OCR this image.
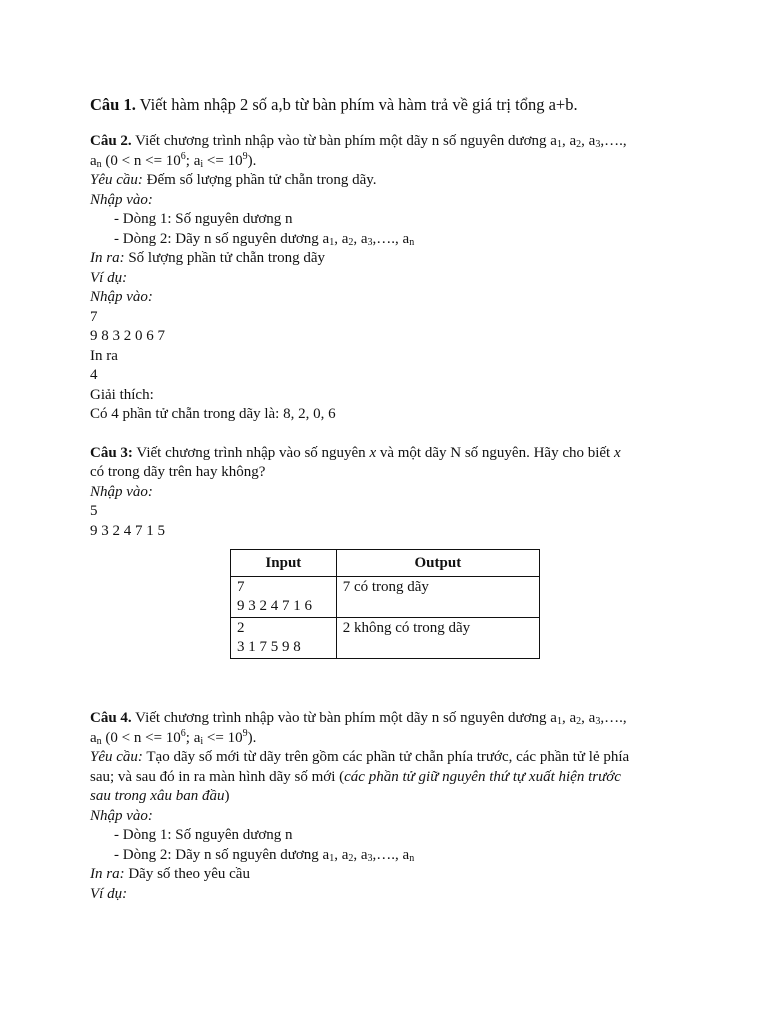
Câu 1. Viết hàm nhập 2 số a,b từ bàn phím và hàm trả về giá trị tổng a+b.
Câu 2. Viết chương trình nhập vào từ bàn phím một dãy n số nguyên dương $a_1$, $a_2$, $a_3,\dots$.,
$a_n$ ($0 < n <= 10^6$; $a_i <= 10^9$).
Yêu cầu: Đếm số lượng phần tử chẵn trong dãy.
Nhập vào:
- Dòng 1: Số nguyên dương n
- Dòng 2: Dãy n số nguyên dương $a_1$, $a_2$, $a_3,\dots$., $a_n$
In ra: Số lượng phần tử chẵn trong dãy
Ví dụ:
Nhập vào:
7
9 8 3 2 0 6 7
In ra
4
Giải thích:
Có 4 phần tử chẵn trong dãy là: 8, 2, 0, 6
Câu 3: Viết chương trình nhập vào số nguyên x và một dãy N số nguyên. Hãy cho biết x
có trong dãy trên hay không?
Nhập vào:
5
9 3 2 4 7 1 5
Input	Output

7
9 3 2 4 7 1 6	7 có trong dãy

2
3 1 7 5 9 8	2 không có trong dãy
Câu 4. Viết chương trình nhập vào từ bàn phím một dãy n số nguyên dương $a_1$, $a_2$, $a_3,\dots$.,
$a_n$ ($0 < n <= 10^6$; $a_i <= 10^9$).
Yêu cầu: Tạo dãy số mới từ dãy trên gồm các phần tử chẵn phía trước, các phần tử lẻ phía
sau; và sau đó in ra màn hình dãy số mới (các phần tử giữ nguyên thứ tự xuất hiện trước
sau trong xâu ban đầu)
Nhập vào:
- Dòng 1: Số nguyên dương n
- Dòng 2: Dãy n số nguyên dương $a_1$, $a_2$, $a_3,\dots$., $a_n$
In ra: Dãy số theo yêu cầu
Ví dụ:
